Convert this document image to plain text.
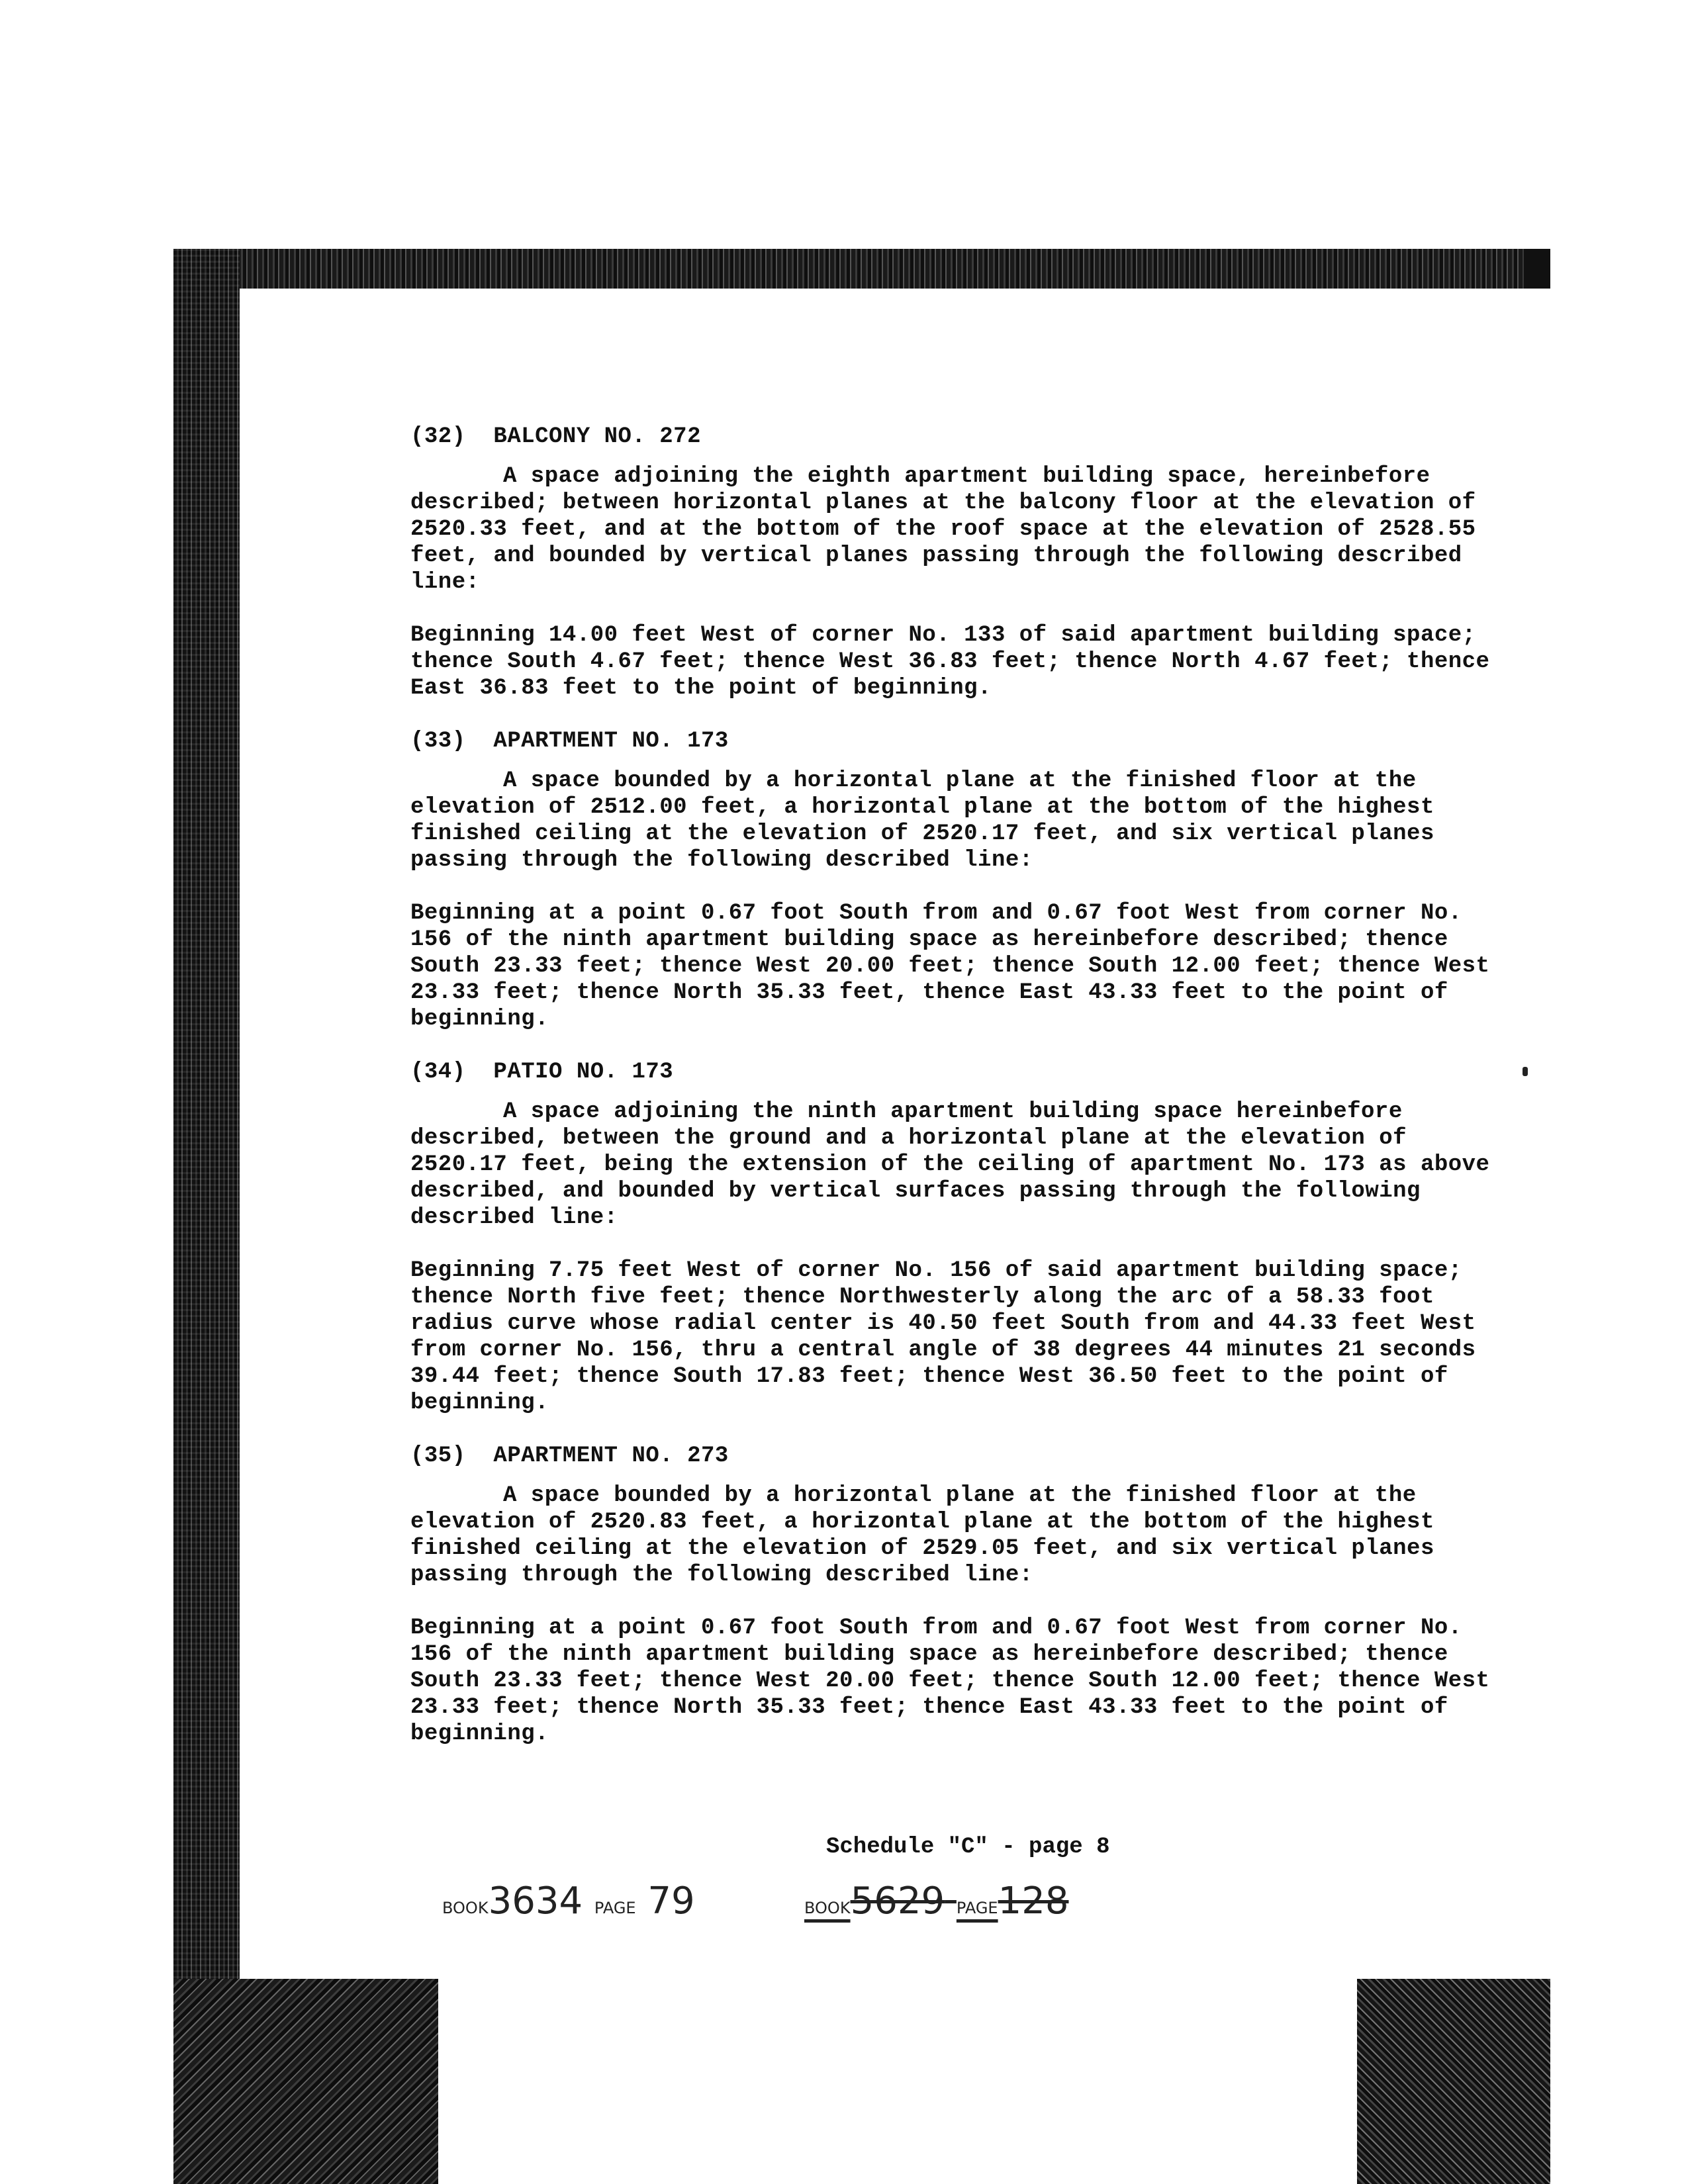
(32)  BALCONY NO. 272

A space adjoining the eighth apartment building space, hereinbefore described; between horizontal planes at the balcony floor at the elevation of 2520.33 feet, and at the bottom of the roof space at the elevation of 2528.55 feet, and bounded by vertical planes passing through the following described line:

Beginning 14.00 feet West of corner No. 133 of said apartment building space; thence South 4.67 feet; thence West 36.83 feet; thence North 4.67 feet; thence East 36.83 feet to the point of beginning.

(33)  APARTMENT NO. 173

A space bounded by a horizontal plane at the finished floor at the elevation of 2512.00 feet, a horizontal plane at the bottom of the highest finished ceiling at the elevation of 2520.17 feet, and six vertical planes passing through the following described line:

Beginning at a point 0.67 foot South from and 0.67 foot West from corner No. 156 of the ninth apartment building space as hereinbefore described; thence South 23.33 feet; thence West 20.00 feet; thence South 12.00 feet; thence West 23.33 feet; thence North 35.33 feet, thence East 43.33 feet to the point of beginning.

(34)  PATIO NO. 173

A space adjoining the ninth apartment building space hereinbefore described, between the ground and a horizontal plane at the elevation of 2520.17 feet, being the extension of the ceiling of apartment No. 173 as above described, and bounded by vertical surfaces passing through the following described line:

Beginning 7.75 feet West of corner No. 156 of said apartment building space; thence North five feet; thence Northwesterly along the arc of a 58.33 foot radius curve whose radial center is 40.50 feet South from and 44.33 feet West from corner No. 156, thru a central angle of 38 degrees 44 minutes 21 seconds 39.44 feet; thence South 17.83 feet; thence West 36.50 feet to the point of beginning.

(35)  APARTMENT NO. 273

A space bounded by a horizontal plane at the finished floor at the elevation of 2520.83 feet, a horizontal plane at the bottom of the highest finished ceiling at the elevation of 2529.05 feet, and six vertical planes passing through the following described line:

Beginning at a point 0.67 foot South from and 0.67 foot West from corner No. 156 of the ninth apartment building space as hereinbefore described; thence South 23.33 feet; thence West 20.00 feet; thence South 12.00 feet; thence West 23.33 feet; thence North 35.33 feet; thence East 43.33 feet to the point of beginning.

Schedule "C" - page 8
BOOK3634 PAGE 79	BOOK5629 PAGE128
